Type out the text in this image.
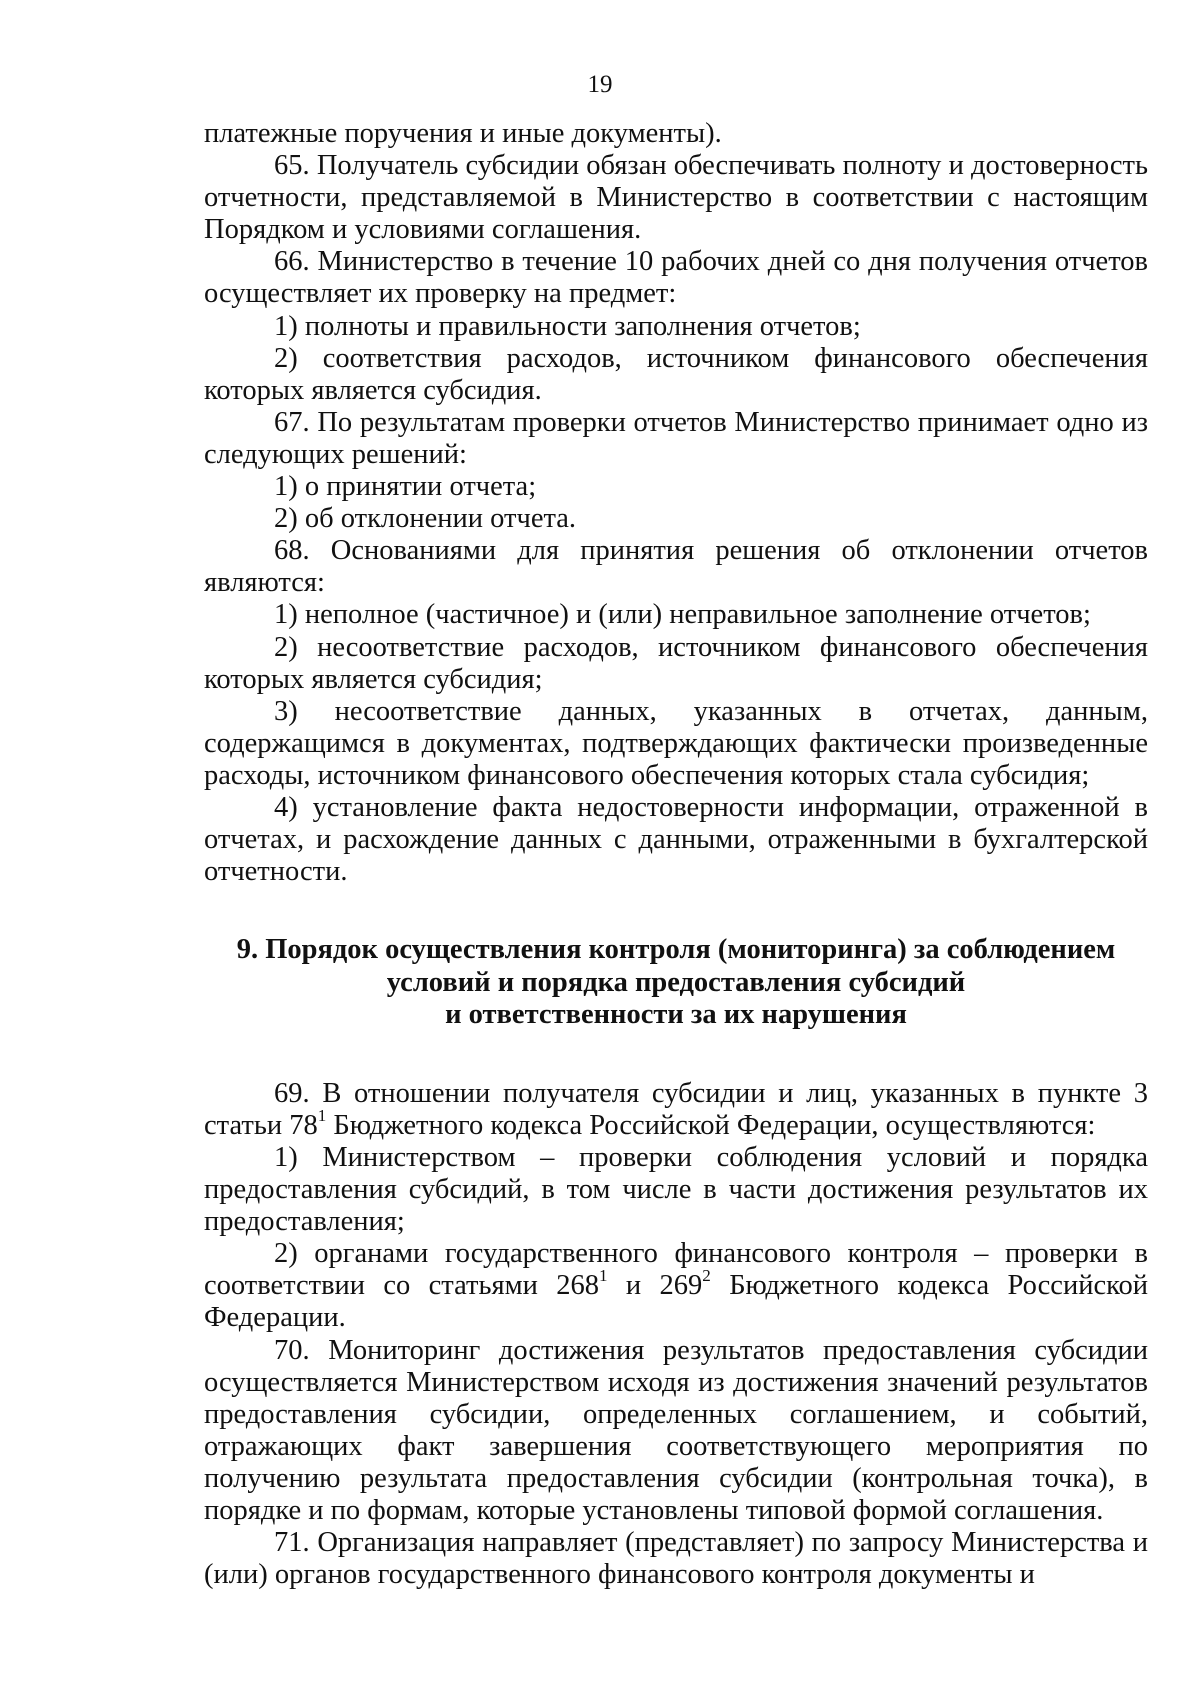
19

платежные поручения и иные документы).

65. Получатель субсидии обязан обеспечивать полноту и достоверность отчетности, представляемой в Министерство в соответствии с настоящим Порядком и условиями соглашения.

66. Министерство в течение 10 рабочих дней со дня получения отчетов осуществляет их проверку на предмет:

1) полноты и правильности заполнения отчетов;

2) соответствия расходов, источником финансового обеспечения которых является субсидия.

67. По результатам проверки отчетов Министерство принимает одно из следующих решений:

1) о принятии отчета;

2) об отклонении отчета.

68. Основаниями для принятия решения об отклонении отчетов являются:

1) неполное (частичное) и (или) неправильное заполнение отчетов;

2) несоответствие расходов, источником финансового обеспечения которых является субсидия;

3) несоответствие данных, указанных в отчетах, данным, содержащимся в документах, подтверждающих фактически произведенные расходы, источником финансового обеспечения которых стала субсидия;

4) установление факта недостоверности информации, отраженной в отчетах, и расхождение данных с данными, отраженными в бухгалтерской отчетности.

9. Порядок осуществления контроля (мониторинга) за соблюдением
условий и порядка предоставления субсидий
и ответственности за их нарушения

69. В отношении получателя субсидии и лиц, указанных в пункте 3 статьи $78^1$ Бюджетного кодекса Российской Федерации, осуществляются:

1) Министерством – проверки соблюдения условий и порядка предоставления субсидий, в том числе в части достижения результатов их предоставления;

2) органами государственного финансового контроля – проверки в соответствии со статьями $268^1$ и $269^2$ Бюджетного кодекса Российской Федерации.

70. Мониторинг достижения результатов предоставления субсидии осуществляется Министерством исходя из достижения значений результатов предоставления субсидии, определенных соглашением, и событий, отражающих факт завершения соответствующего мероприятия по получению результата предоставления субсидии (контрольная точка), в порядке и по формам, которые установлены типовой формой соглашения.

71. Организация направляет (представляет) по запросу Министерства и (или) органов государственного финансового контроля документы и
